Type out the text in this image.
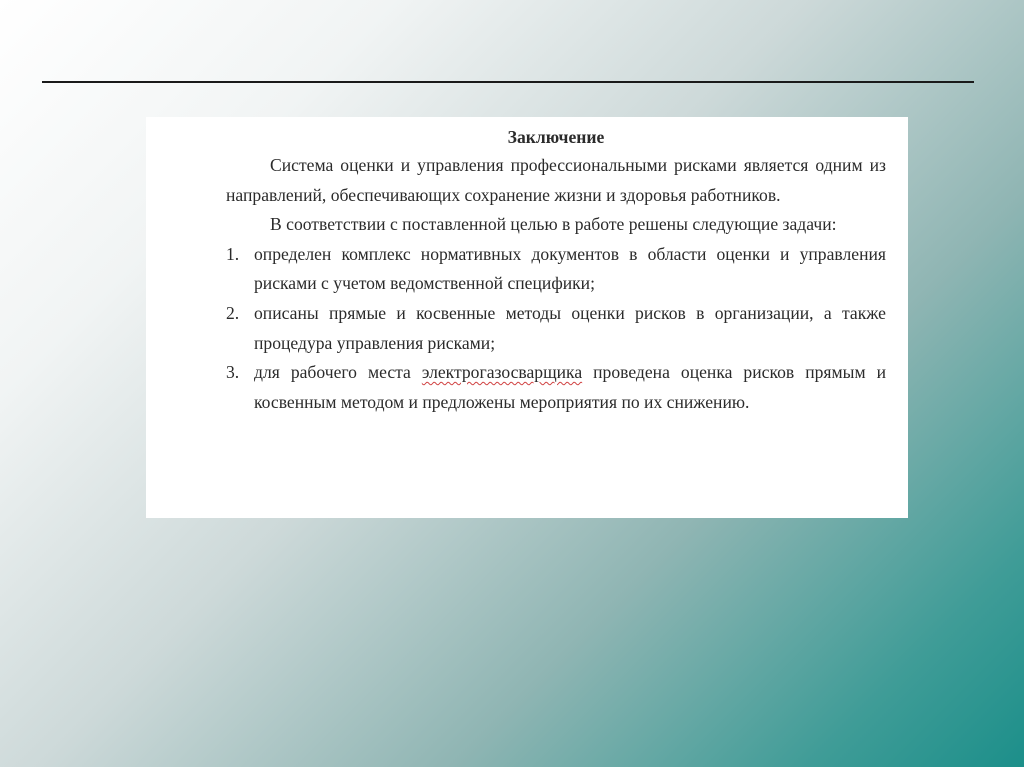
Заключение

Система оценки и управления профессиональными рисками является одним из направлений, обеспечивающих сохранение жизни и здоровья работников.

В соответствии с поставленной целью в работе решены следующие задачи:

1. определен комплекс нормативных документов в области оценки и управления рисками с учетом ведомственной специфики;
2. описаны прямые и косвенные методы оценки рисков в организации, а также процедура управления рисками;
3. для рабочего места электрогазосварщика проведена оценка рисков прямым и косвенным методом и предложены мероприятия по их снижению.
